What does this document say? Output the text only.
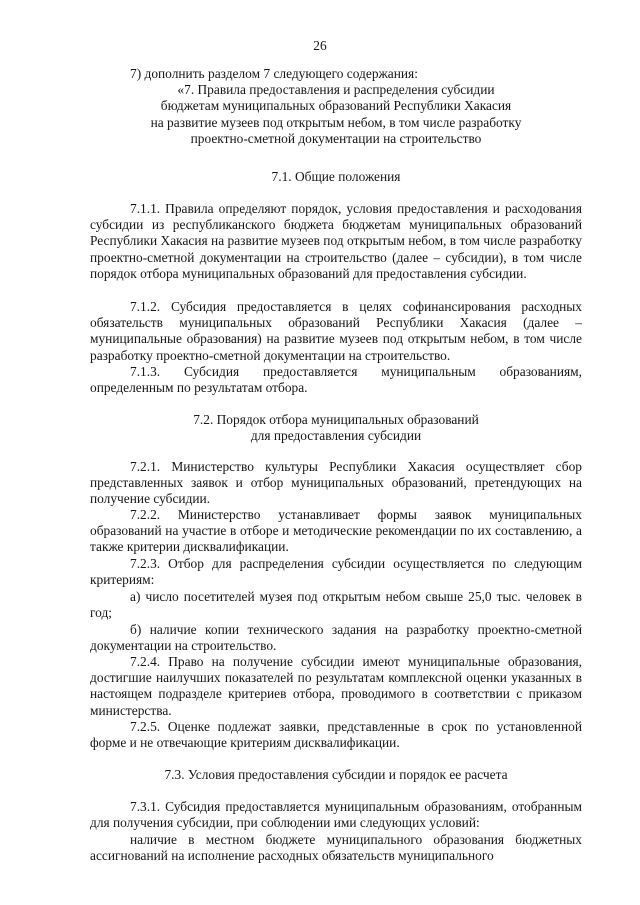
26
7) дополнить разделом 7 следующего содержания:
«7. Правила предоставления и распределения субсидии
бюджетам муниципальных образований Республики Хакасия
на развитие музеев под открытым небом, в том числе разработку
проектно-сметной документации на строительство
7.1. Общие положения
7.1.1. Правила определяют порядок, условия предоставления и расходования субсидии из республиканского бюджета бюджетам муниципальных образований Республики Хакасия на развитие музеев под открытым небом, в том числе разработку проектно-сметной документации на строительство (далее – субсидии), в том числе порядок отбора муниципальных образований для предоставления субсидии.
7.1.2. Субсидия предоставляется в целях софинансирования расходных обязательств муниципальных образований Республики Хакасия (далее – муниципальные образования) на развитие музеев под открытым небом, в том числе разработку проектно-сметной документации на строительство.
7.1.3. Субсидия предоставляется муниципальным образованиям, определенным по результатам отбора.
7.2. Порядок отбора муниципальных образований
для предоставления субсидии
7.2.1. Министерство культуры Республики Хакасия осуществляет сбор представленных заявок и отбор муниципальных образований, претендующих на получение субсидии.
7.2.2. Министерство устанавливает формы заявок муниципальных образований на участие в отборе и методические рекомендации по их составлению, а также критерии дисквалификации.
7.2.3. Отбор для распределения субсидии осуществляется по следующим критериям:
а) число посетителей музея под открытым небом свыше 25,0 тыс. человек в год;
б) наличие копии технического задания на разработку проектно-сметной документации на строительство.
7.2.4. Право на получение субсидии имеют муниципальные образования, достигшие наилучших показателей по результатам комплексной оценки указанных в настоящем подразделе критериев отбора, проводимого в соответствии с приказом министерства.
7.2.5. Оценке подлежат заявки, представленные в срок по установленной форме и не отвечающие критериям дисквалификации.
7.3. Условия предоставления субсидии и порядок ее расчета
7.3.1. Субсидия предоставляется муниципальным образованиям, отобранным для получения субсидии, при соблюдении ими следующих условий:
наличие в местном бюджете муниципального образования бюджетных ассигнований на исполнение расходных обязательств муниципального
